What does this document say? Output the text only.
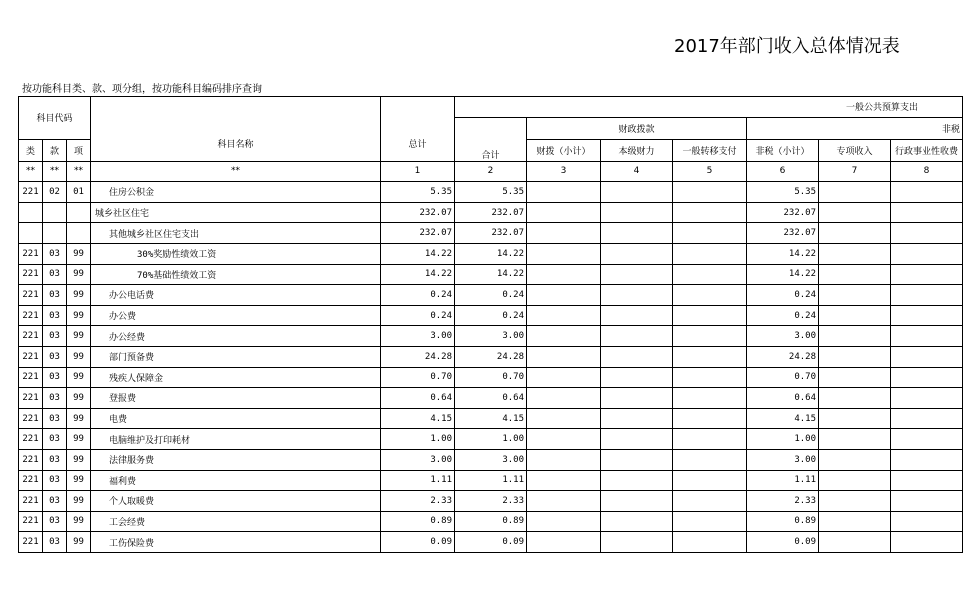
2017年部门收入总体情况表
按功能科目类、款、项分组，按功能科目编码排序查询
科目代码			科目名称	总计	一般公共预算支出						
					合计	财政拨款			非税		
类	款	项				财拨（小计）	本级财力	一般转移支付	非税（小计）	专项收入	行政事业性收费
**	**	**	**	1	2	3	4	5	6	7	8
221	02	01	住房公积金	5.35	5.35				5.35		
			城乡社区住宅	232.07	232.07				232.07		
			其他城乡社区住宅支出	232.07	232.07				232.07		
221	03	99	30%奖励性绩效工资	14.22	14.22				14.22		
221	03	99	70%基础性绩效工资	14.22	14.22				14.22		
221	03	99	办公电话费	0.24	0.24				0.24		
221	03	99	办公费	0.24	0.24				0.24		
221	03	99	办公经费	3.00	3.00				3.00		
221	03	99	部门预备费	24.28	24.28				24.28		
221	03	99	残疾人保障金	0.70	0.70				0.70		
221	03	99	登报费	0.64	0.64				0.64		
221	03	99	电费	4.15	4.15				4.15		
221	03	99	电脑维护及打印耗材	1.00	1.00				1.00		
221	03	99	法律服务费	3.00	3.00				3.00		
221	03	99	福利费	1.11	1.11				1.11		
221	03	99	个人取暖费	2.33	2.33				2.33		
221	03	99	工会经费	0.89	0.89				0.89		
221	03	99	工伤保险费	0.09	0.09				0.09		
